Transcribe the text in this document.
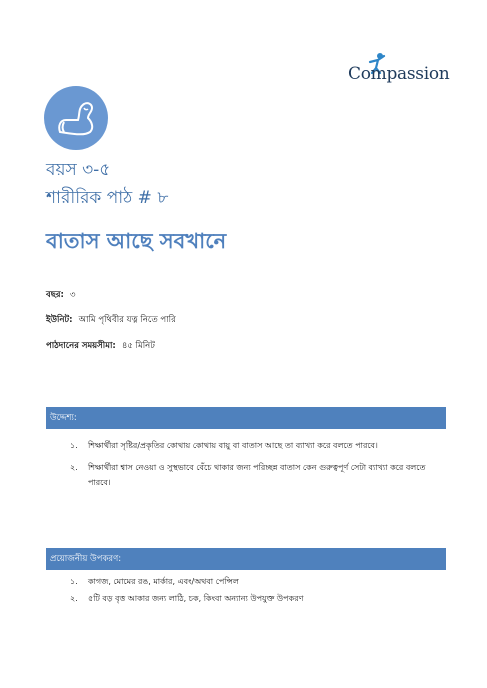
Compassion
বয়স ৩-৫
শারীরিক পাঠ # ৮
বাতাস আছে সবখানে
বছর: ৩
ইউনিট: আমি পৃথিবীর যত্ন নিতে পারি
পাঠদানের সময়সীমা: ৪৫ মিনিট
উদ্দেশ্য:
১.	শিক্ষার্থীরা সৃষ্টির/প্রকৃতির কোথায় কোথায় বায়ু বা বাতাস আছে তা ব্যাখ্যা করে বলতে পারবে।
২.	শিক্ষার্থীরা শ্বাস নেওয়া ও সুস্থভাবে বেঁচে থাকার জন্য পরিচ্ছন্ন বাতাস কেন গুরুত্বপূর্ণ সেটা ব্যাখ্যা করে বলতে পারবে।
প্রয়োজনীয় উপকরণ:
১.	কাগজ, মোমের রঙ, মার্কার, এবং/অথবা পেন্সিল
২.	৫টি বড় বৃত্ত আকার জন্য লাঠি, চক, কিংবা অন্যান্য উপযুক্ত উপকরণ
